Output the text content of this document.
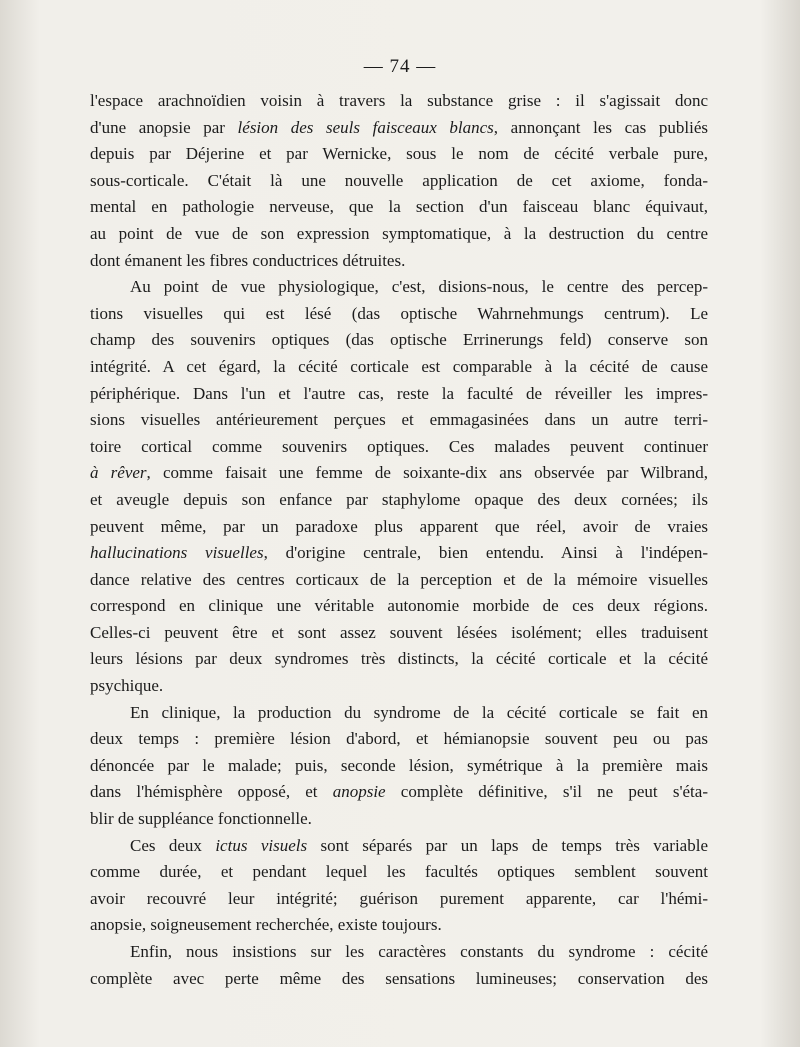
— 74 —
l'espace arachnoïdien voisin à travers la substance grise : il s'agissait donc
d'une anopsie par lésion des seuls faisceaux blancs, annonçant les cas publiés
depuis par Déjerine et par Wernicke, sous le nom de cécité verbale pure,
sous-corticale. C'était là une nouvelle application de cet axiome, fonda-
mental en pathologie nerveuse, que la section d'un faisceau blanc équivaut,
au point de vue de son expression symptomatique, à la destruction du centre
dont émanent les fibres conductrices détruites.
Au point de vue physiologique, c'est, disions-nous, le centre des percep-
tions visuelles qui est lésé (das optische Wahrnehmungs centrum). Le
champ des souvenirs optiques (das optische Errinerungs feld) conserve son
intégrité. A cet égard, la cécité corticale est comparable à la cécité de cause
périphérique. Dans l'un et l'autre cas, reste la faculté de réveiller les impres-
sions visuelles antérieurement perçues et emmagasinées dans un autre terri-
toire cortical comme souvenirs optiques. Ces malades peuvent continuer
à rêver, comme faisait une femme de soixante-dix ans observée par Wilbrand,
et aveugle depuis son enfance par staphylome opaque des deux cornées; ils
peuvent même, par un paradoxe plus apparent que réel, avoir de vraies
hallucinations visuelles, d'origine centrale, bien entendu. Ainsi à l'indépen-
dance relative des centres corticaux de la perception et de la mémoire visuelles
correspond en clinique une véritable autonomie morbide de ces deux régions.
Celles-ci peuvent être et sont assez souvent lésées isolément; elles traduisent
leurs lésions par deux syndromes très distincts, la cécité corticale et la cécité
psychique.
En clinique, la production du syndrome de la cécité corticale se fait en
deux temps : première lésion d'abord, et hémianopsie souvent peu ou pas
dénoncée par le malade; puis, seconde lésion, symétrique à la première mais
dans l'hémisphère opposé, et anopsie complète définitive, s'il ne peut s'éta-
blir de suppléance fonctionnelle.
Ces deux ictus visuels sont séparés par un laps de temps très variable
comme durée, et pendant lequel les facultés optiques semblent souvent
avoir recouvré leur intégrité; guérison purement apparente, car l'hémi-
anopsie, soigneusement recherchée, existe toujours.
Enfin, nous insistions sur les caractères constants du syndrome : cécité
complète avec perte même des sensations lumineuses; conservation des
